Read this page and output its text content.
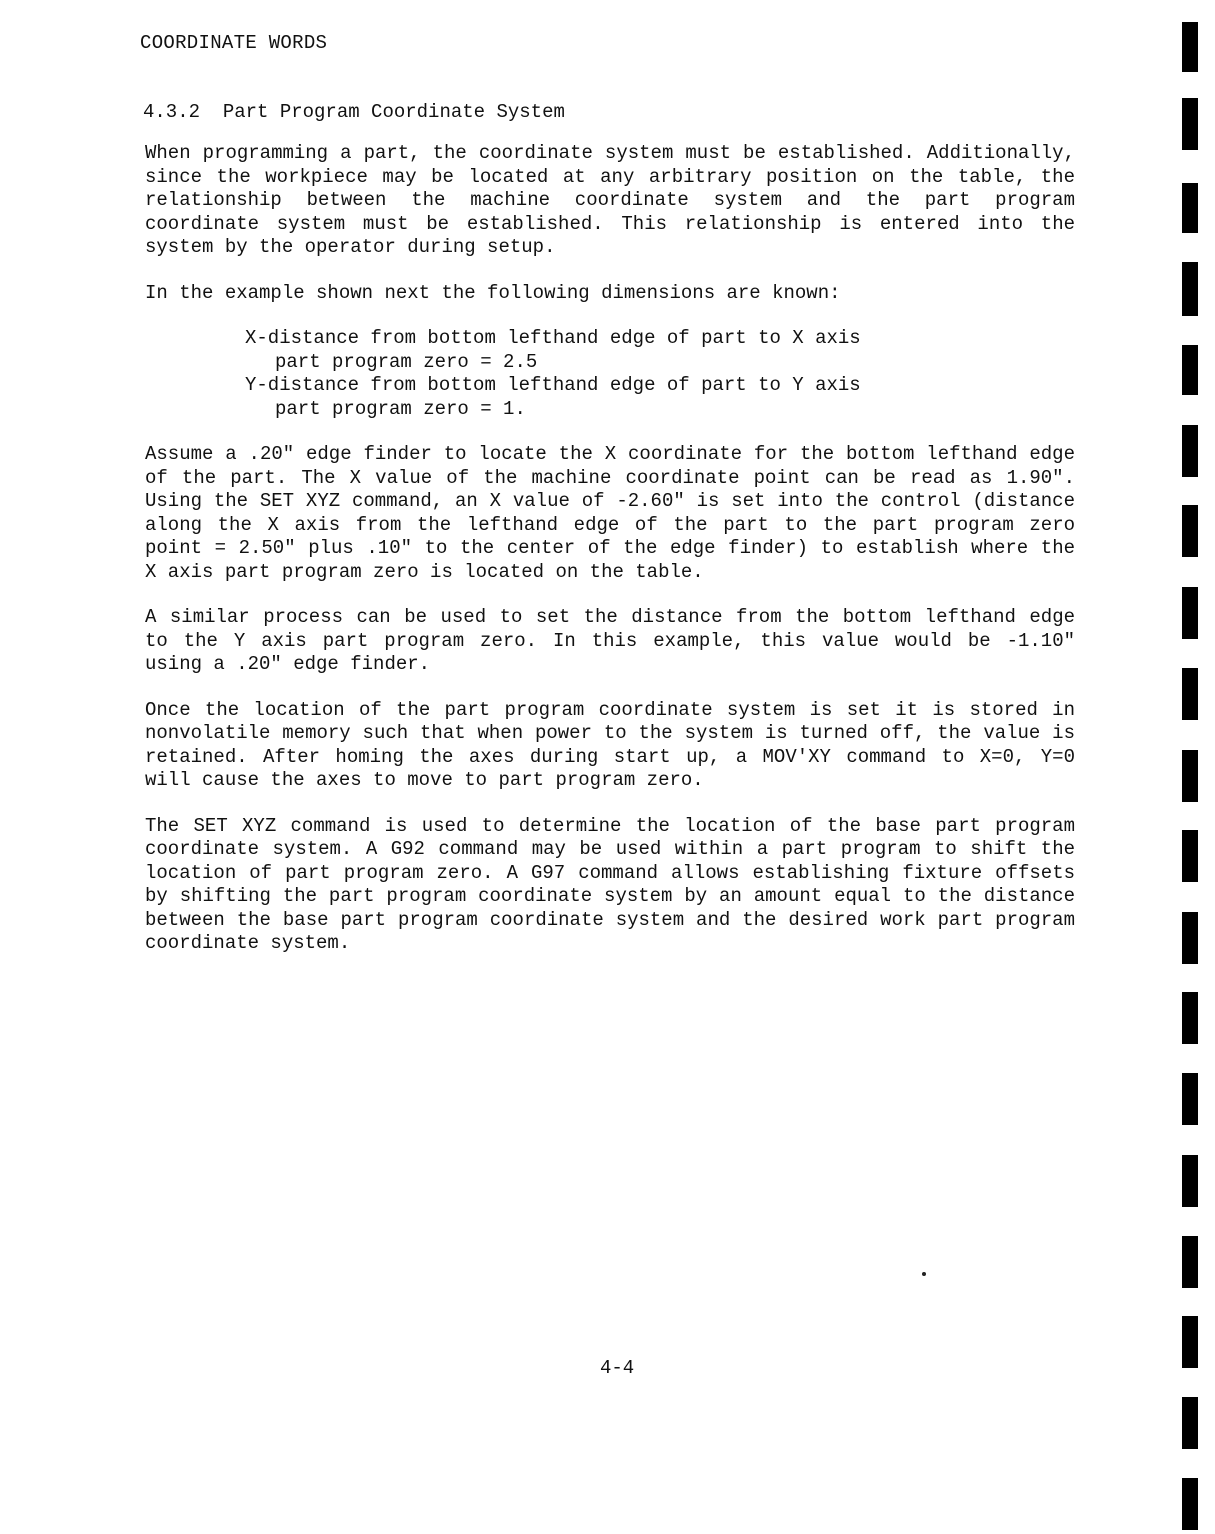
COORDINATE WORDS
4.3.2  Part Program Coordinate System

When programming a part, the coordinate system must be established. Additionally, since the workpiece may be located at any arbitrary position on the table, the relationship between the machine coordinate system and the part program coordinate system must be established. This relationship is entered into the system by the operator during setup.

In the example shown next the following dimensions are known:

X-distance from bottom lefthand edge of part to X axis
part program zero = 2.5
Y-distance from bottom lefthand edge of part to Y axis
part program zero = 1.

Assume a .20" edge finder to locate the X coordinate for the bottom lefthand edge of the part. The X value of the machine coordinate point can be read as 1.90". Using the SET XYZ command, an X value of -2.60" is set into the control (distance along the X axis from the lefthand edge of the part to the part program zero point = 2.50" plus .10" to the center of the edge finder) to establish where the X axis part program zero is located on the table.

A similar process can be used to set the distance from the bottom lefthand edge to the Y axis part program zero. In this example, this value would be -1.10" using a .20" edge finder.

Once the location of the part program coordinate system is set it is stored in nonvolatile memory such that when power to the system is turned off, the value is retained. After homing the axes during start up, a MOV'XY command to X=0, Y=0 will cause the axes to move to part program zero.

The SET XYZ command is used to determine the location of the base part program coordinate system. A G92 command may be used within a part program to shift the location of part program zero. A G97 command allows establishing fixture offsets by shifting the part program coordinate system by an amount equal to the distance between the base part program coordinate system and the desired work part program coordinate system.

4-4
